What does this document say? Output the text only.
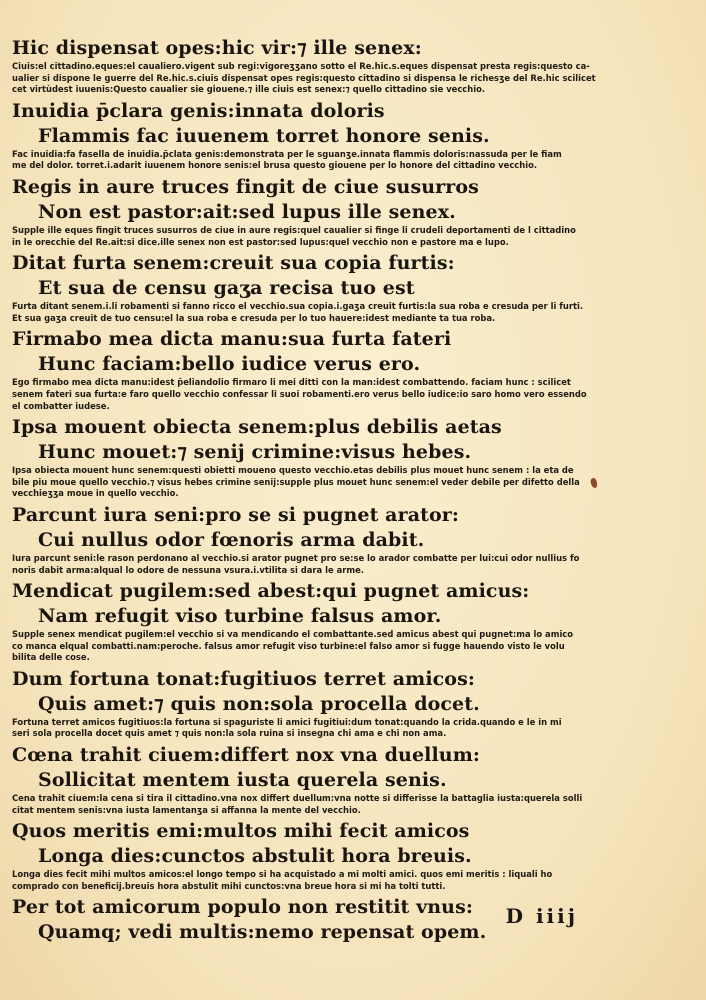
Hic dispensat opes:hic vir:⁊ ille senex:
Ciuis:el cittadino.eques:el caualiero.vigent sub regi:vigoreʒʒano sotto el Re.hic.s.eques dispensat presta regis:questo ca-
ualier si dispone le guerre del Re.hic.s.ciuis dispensat opes regis:questo cittadino si dispensa le richesʒe del Re.hic scilicet
cet virtùdest iuuenis:Questo caualier sie giouene.⁊ ille ciuis est senex:⁊ quello cittadino sie vecchio.
Inuidia p̄clara genis:innata doloris
Flammis fac iuuenem torret honore senis.
Fac inuidia:fa fasella de inuidia.p̄clata genis:demonstrata per le sguanʒe.innata flammis doloris:nassuda per le fiam
me del dolor. torret.i.adarit iuuenem honore senis:el brusa questo giouene per lo honore del cittadino vecchio.
Regis in aure truces fingit de ciue susurros
Non est pastor:ait:sed lupus ille senex.
Supple ille eques fingit truces susurros de ciue in aure regis:quel caualier si finge li crudeli deportamenti de l cittadino
in le orecchie del Re.ait:si dice.ille senex non est pastor:sed lupus:quel vecchio non e pastore ma e lupo.
Ditat furta senem:creuit sua copia furtis:
Et sua de censu gaʒa recisa tuo est
Furta ditant senem.i.li robamenti si fanno ricco el vecchio.sua copia.i.gaʒa creuit furtis:la sua roba e cresuda per li furti.
Et sua gaʒa creuit de tuo censu:el la sua roba e cresuda per lo tuo hauere:idest mediante ta tua roba.
Firmabo mea dicta manu:sua furta fateri
Hunc faciam:bello iudice verus ero.
Ego firmabo mea dicta manu:idest p̄eliandolio firmaro li mei ditti con la man:idest combattendo. faciam hunc : scilicet
senem fateri sua furta:e faro quello vecchio confessar li suoi robamenti.ero verus bello iudice:io saro homo vero essendo
el combatter iudese.
Ipsa mouent obiecta senem:plus debilis aetas
Hunc mouet:⁊ senij crimine:visus hebes.
Ipsa obiecta mouent hunc senem:questi obietti moueno questo vecchio.etas debilis plus mouet hunc senem : la eta de
bile piu moue quello vecchio.⁊ visus hebes crimine senij:supple plus mouet hunc senem:el veder debile per difetto della
vecchieʒʒa moue in quello vecchio.
Parcunt iura seni:pro se si pugnet arator:
Cui nullus odor fœnoris arma dabit.
Iura parcunt seni:le rason perdonano al vecchio.si arator pugnet pro se:se lo arador combatte per lui:cui odor nullius fo
noris dabit arma:alqual lo odore de nessuna vsura.i.vtilita si dara le arme.
Mendicat pugilem:sed abest:qui pugnet amicus:
Nam refugit viso turbine falsus amor.
Supple senex mendicat pugilem:el vecchio si va mendicando el combattante.sed amicus abest qui pugnet:ma lo amico
co manca elqual combatti.nam:peroche. falsus amor refugit viso turbine:el falso amor si fugge hauendo visto le volu
bilita delle cose.
Dum fortuna tonat:fugitiuos terret amicos:
Quis amet:⁊ quis non:sola procella docet.
Fortuna terret amicos fugitiuos:la fortuna si spaguriste li amici fugitiui:dum tonat:quando la crida.quando e le in mi
seri sola procella docet quis amet ⁊ quis non:la sola ruina si insegna chi ama e chi non ama.
Cœna trahit ciuem:differt nox vna duellum:
Sollicitat mentem iusta querela senis.
Cena trahit ciuem:la cena si tira il cittadino.vna nox differt duellum:vna notte si differisse la battaglia iusta:querela solli
citat mentem senis:vna iusta lamentanʒa si affanna la mente del vecchio.
Quos meritis emi:multos mihi fecit amicos
Longa dies:cunctos abstulit hora breuis.
Longa dies fecit mihi multos amicos:el longo tempo si ha acquistado a mi molti amici. quos emi meritis : liquali ho
comprado con beneficij.breuis hora abstulit mihi cunctos:vna breue hora si mi ha tolti tutti.
Per tot amicorum populo non restitit vnus:
Quamq; vedi multis:nemo repensat opem.
D iiij
